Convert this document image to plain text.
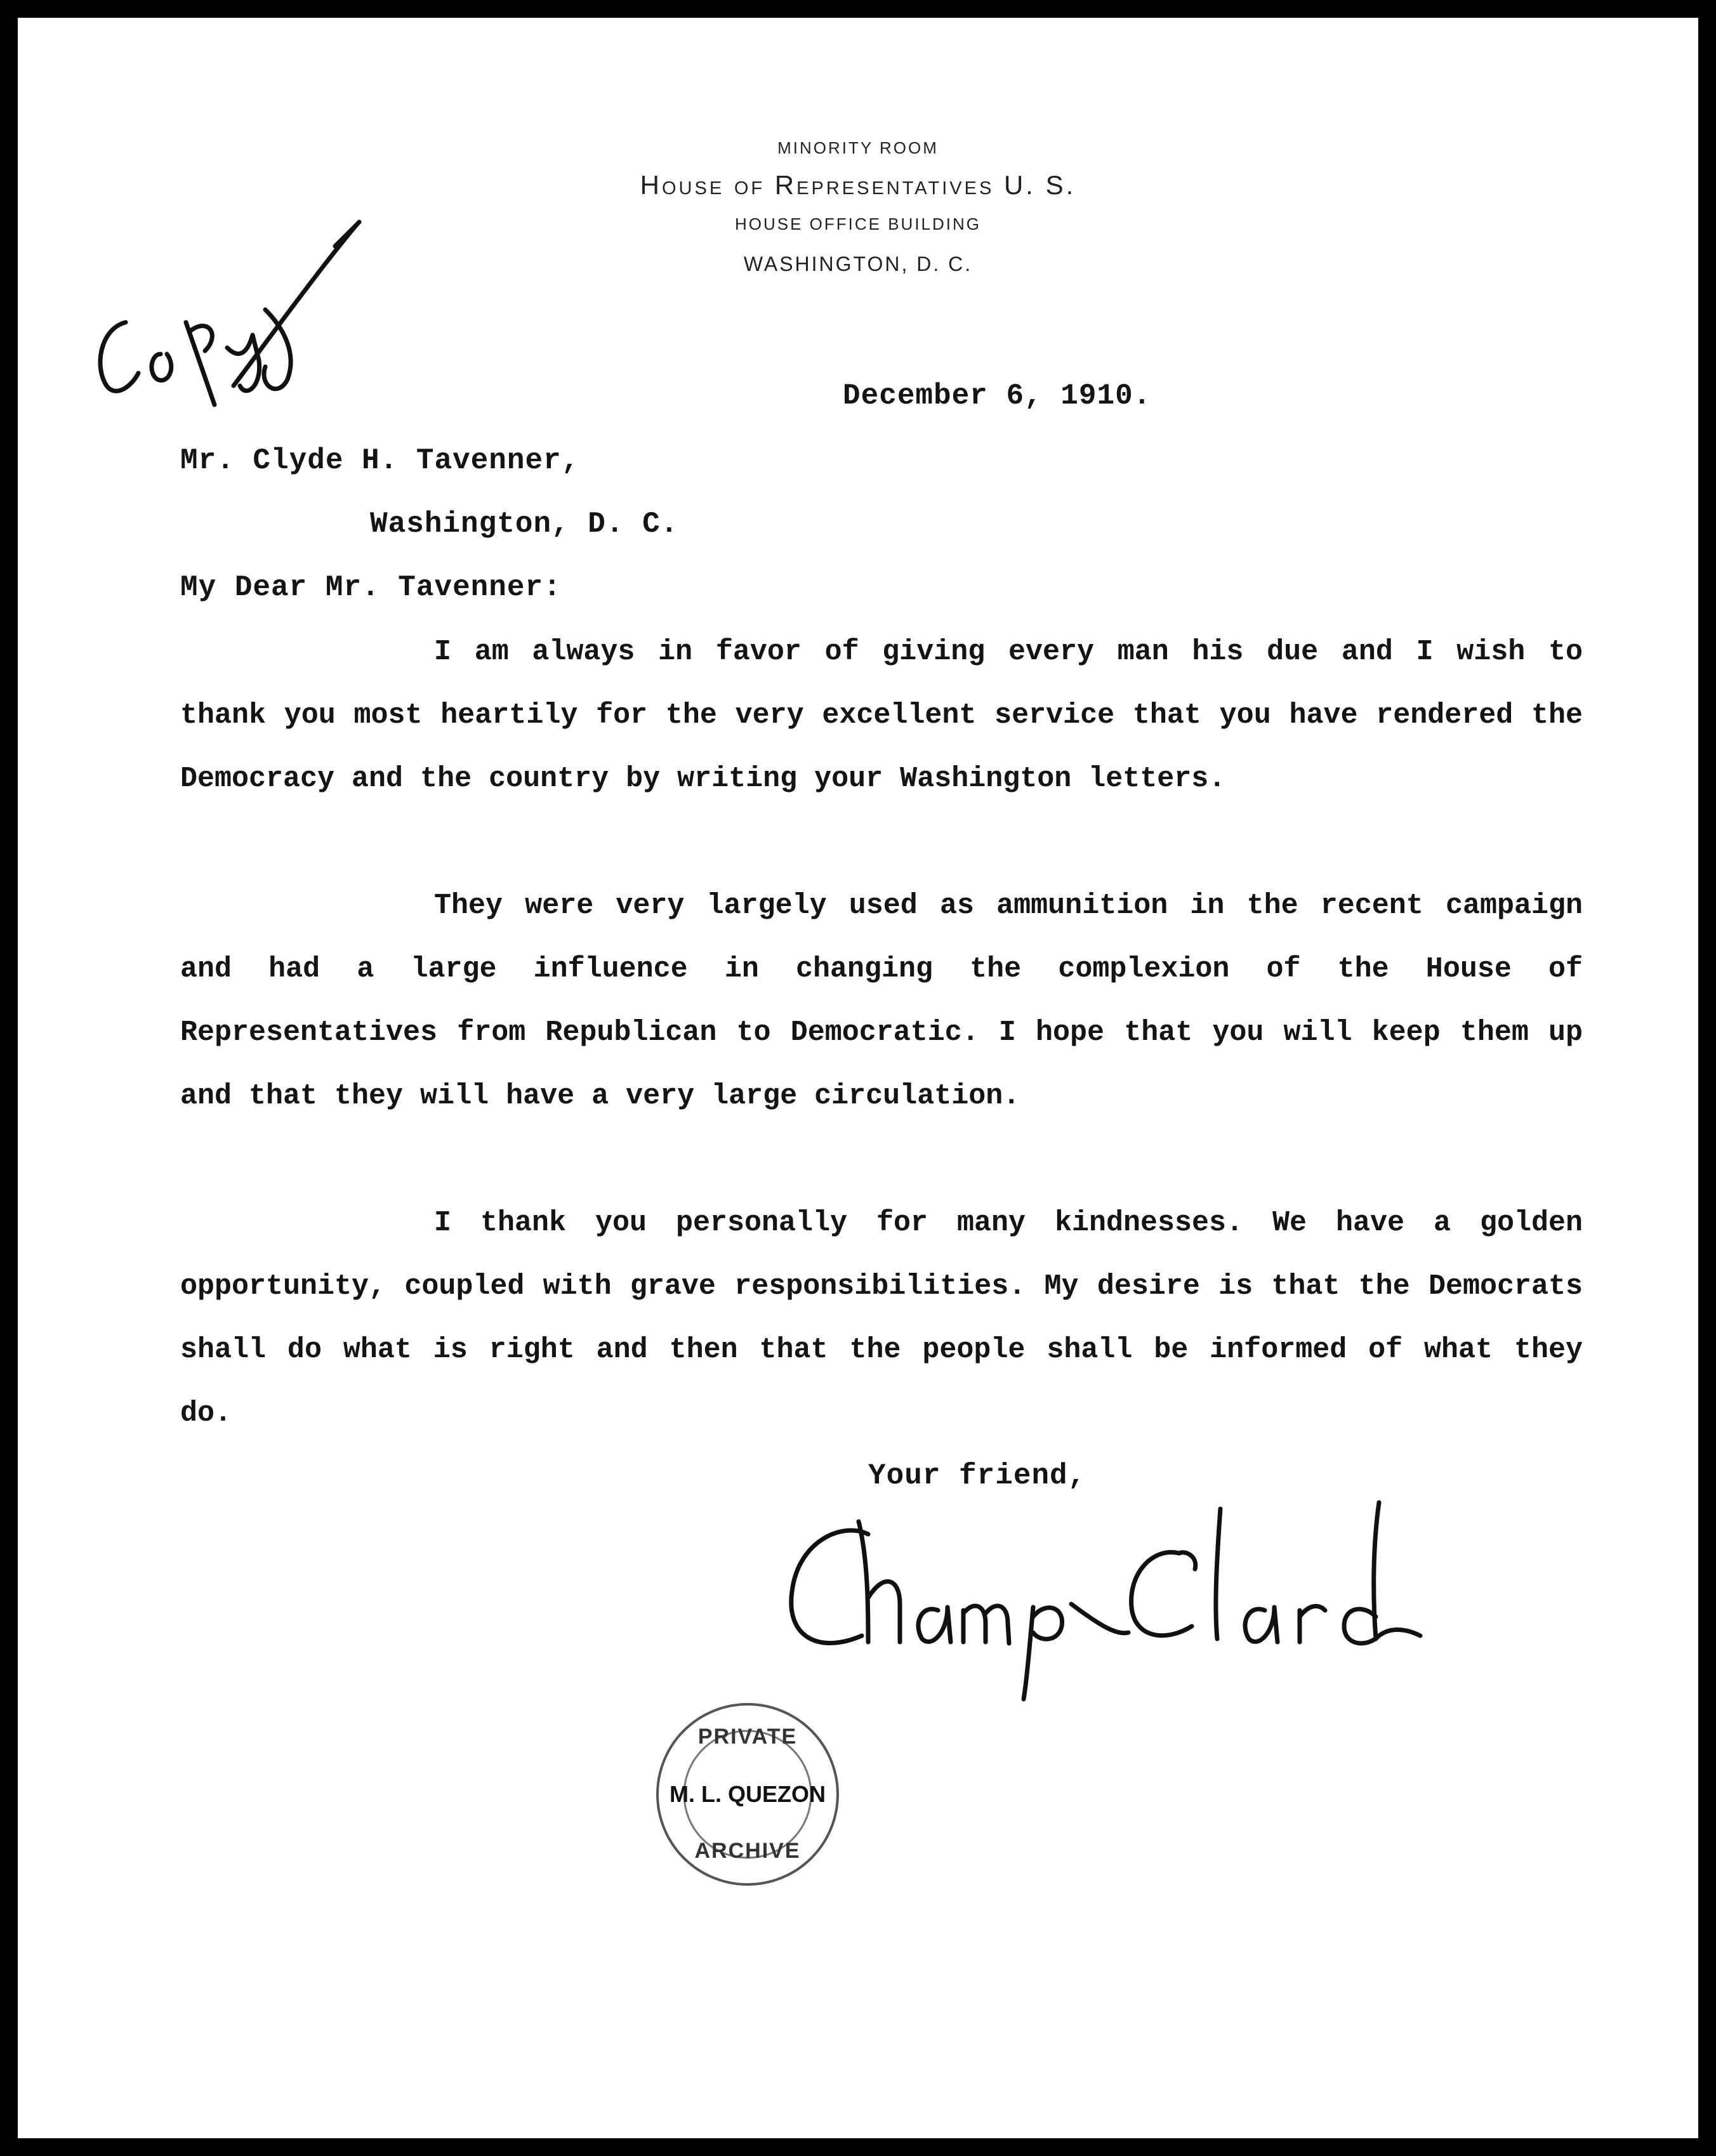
MINORITY ROOM
House of Representatives U. S.
HOUSE OFFICE BUILDING
WASHINGTON, D. C.
December 6, 1910.
Mr. Clyde H. Tavenner,
Washington, D. C.
My Dear Mr. Tavenner:

I am always in favor of giving every man his due and I wish to thank you most heartily for the very excellent service that you have rendered the Democracy and the country by writing your Washington letters.

They were very largely used as ammunition in the recent campaign and had a large influence in changing the complexion of the House of Representatives from Republican to Democratic. I hope that you will keep them up and that they will have a very large circulation.

I thank you personally for many kindnesses. We have a golden opportunity, coupled with grave responsibilities. My desire is that the Democrats shall do what is right and then that the people shall be informed of what they do.

Your friend,
PRIVATE
M. L. QUEZON
ARCHIVE
